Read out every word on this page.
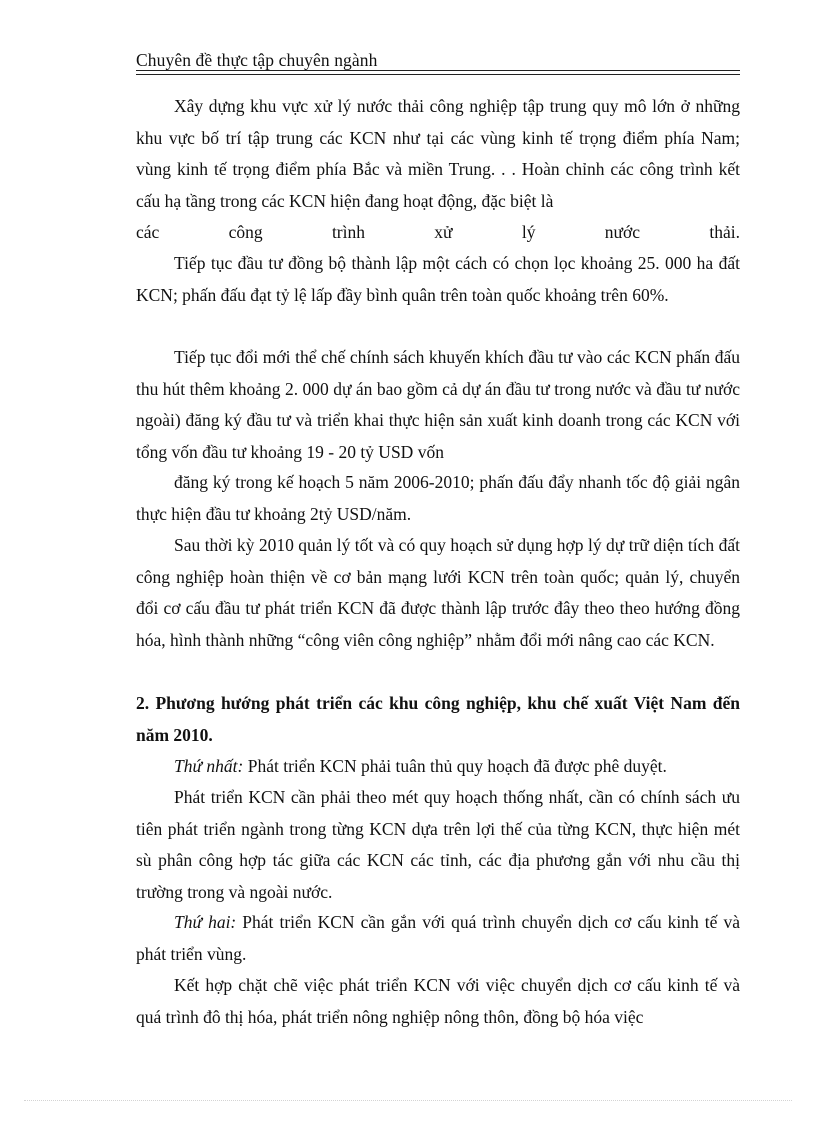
Chuyên đề thực tập chuyên ngành

Xây dựng khu vực xử lý nước thải công nghiệp tập trung quy mô lớn ở những khu vực bố trí tập trung các KCN như tại các vùng kinh tế trọng điểm phía Nam; vùng kinh tế trọng điểm phía Bắc và miền Trung. . . Hoàn chỉnh các công trình kết cấu hạ tầng trong các KCN hiện đang hoạt động, đặc biệt là

các	công	trình	xử	lý	nước	thải.

Tiếp tục đầu tư đồng bộ thành lập một cách có chọn lọc khoảng 25. 000 ha đất KCN; phấn đấu đạt tỷ lệ lấp đầy bình quân trên toàn quốc khoảng trên 60%.

Tiếp tục đổi mới thể chế chính sách khuyến khích đầu tư vào các KCN phấn đấu thu hút thêm khoảng 2. 000 dự án bao gồm cả dự án đầu tư trong nước và đầu tư nước ngoài) đăng ký đầu tư và triển khai thực hiện sản xuất kinh doanh trong các KCN với tổng vốn đầu tư khoảng 19 - 20 tỷ USD vốn

đăng ký trong kế hoạch 5 năm 2006-2010; phấn đấu đẩy nhanh tốc độ giải ngân thực hiện đầu tư khoảng 2tỷ USD/năm.

Sau thời kỳ 2010 quản lý tốt và có quy hoạch sử dụng hợp lý dự trữ diện tích đất công nghiệp hoàn thiện về cơ bản mạng lưới KCN trên toàn quốc; quản lý, chuyển đổi cơ cấu đầu tư phát triển KCN đã được thành lập trước đây theo theo hướng đồng hóa, hình thành những “công viên công nghiệp” nhằm đổi mới nâng cao các KCN.

2. Phương hướng phát triển các khu công nghiệp, khu chế xuất Việt Nam đến năm 2010.

Thứ nhất: Phát triển KCN phải tuân thủ quy hoạch đã được phê duyệt.

Phát triển KCN cần phải theo mét quy hoạch thống nhất, cần có chính sách ưu tiên phát triển ngành trong từng KCN dựa trên lợi thế của từng KCN, thực hiện mét sù phân công hợp tác giữa các KCN các tỉnh, các địa phương gắn với nhu cầu thị trường trong và ngoài nước.

Thứ hai: Phát triển KCN cần gắn với quá trình chuyển dịch cơ cấu kinh tế và phát triển vùng.

Kết hợp chặt chẽ việc phát triển KCN với việc chuyển dịch cơ cấu kinh tế và quá trình đô thị hóa, phát triển nông nghiệp nông thôn, đồng bộ hóa việc
